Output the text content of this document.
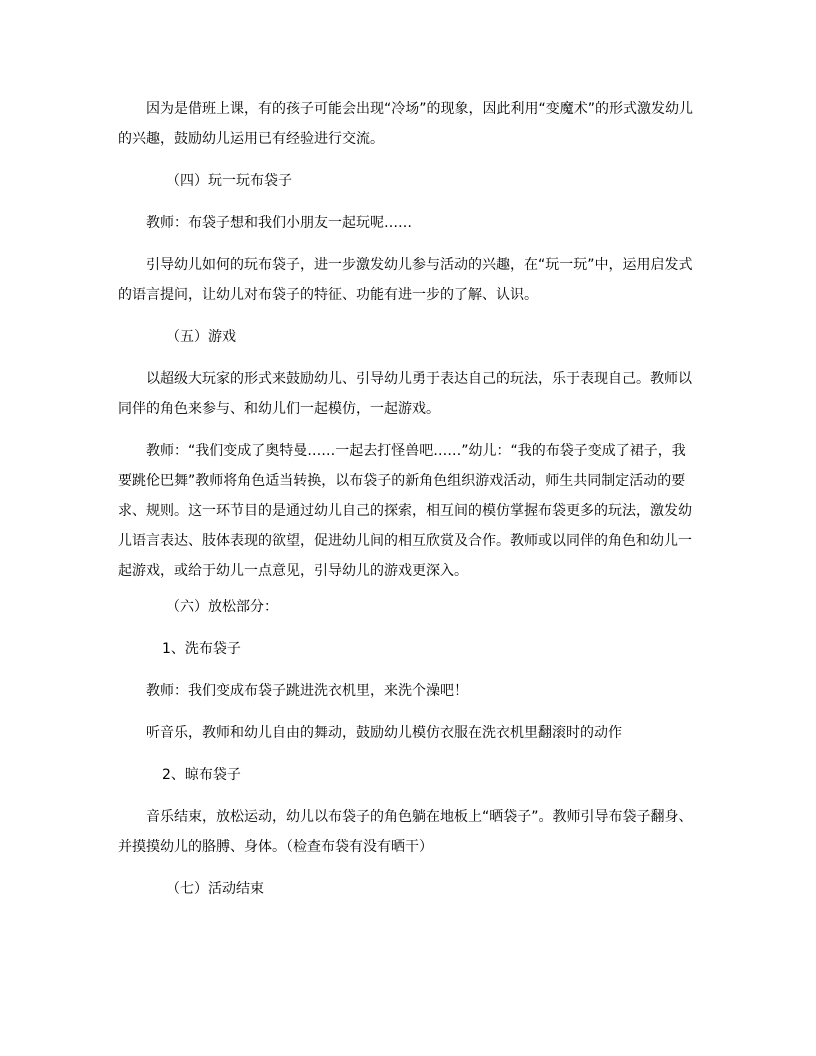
因为是借班上课，有的孩子可能会出现“冷场”的现象，因此利用“变魔术”的形式激发幼儿的兴趣，鼓励幼儿运用已有经验进行交流。

（四）玩一玩布袋子

教师：布袋子想和我们小朋友一起玩呢……

引导幼儿如何的玩布袋子，进一步激发幼儿参与活动的兴趣，在“玩一玩”中，运用启发式的语言提问，让幼儿对布袋子的特征、功能有进一步的了解、认识。

（五）游戏

以超级大玩家的形式来鼓励幼儿、引导幼儿勇于表达自己的玩法，乐于表现自己。教师以同伴的角色来参与、和幼儿们一起模仿，一起游戏。

教师：“我们变成了奥特曼……一起去打怪兽吧……”幼儿：“我的布袋子变成了裙子，我要跳伦巴舞”教师将角色适当转换，以布袋子的新角色组织游戏活动，师生共同制定活动的要求、规则。这一环节目的是通过幼儿自己的探索，相互间的模仿掌握布袋更多的玩法，激发幼儿语言表达、肢体表现的欲望，促进幼儿间的相互欣赏及合作。教师或以同伴的角色和幼儿一起游戏，或给于幼儿一点意见，引导幼儿的游戏更深入。

（六）放松部分：

1、洗布袋子

教师：我们变成布袋子跳进洗衣机里，来洗个澡吧！

听音乐，教师和幼儿自由的舞动，鼓励幼儿模仿衣服在洗衣机里翻滚时的动作

2、晾布袋子

音乐结束，放松运动，幼儿以布袋子的角色躺在地板上“晒袋子”。教师引导布袋子翻身、并摸摸幼儿的胳膊、身体。（检查布袋有没有晒干）

（七）活动结束
